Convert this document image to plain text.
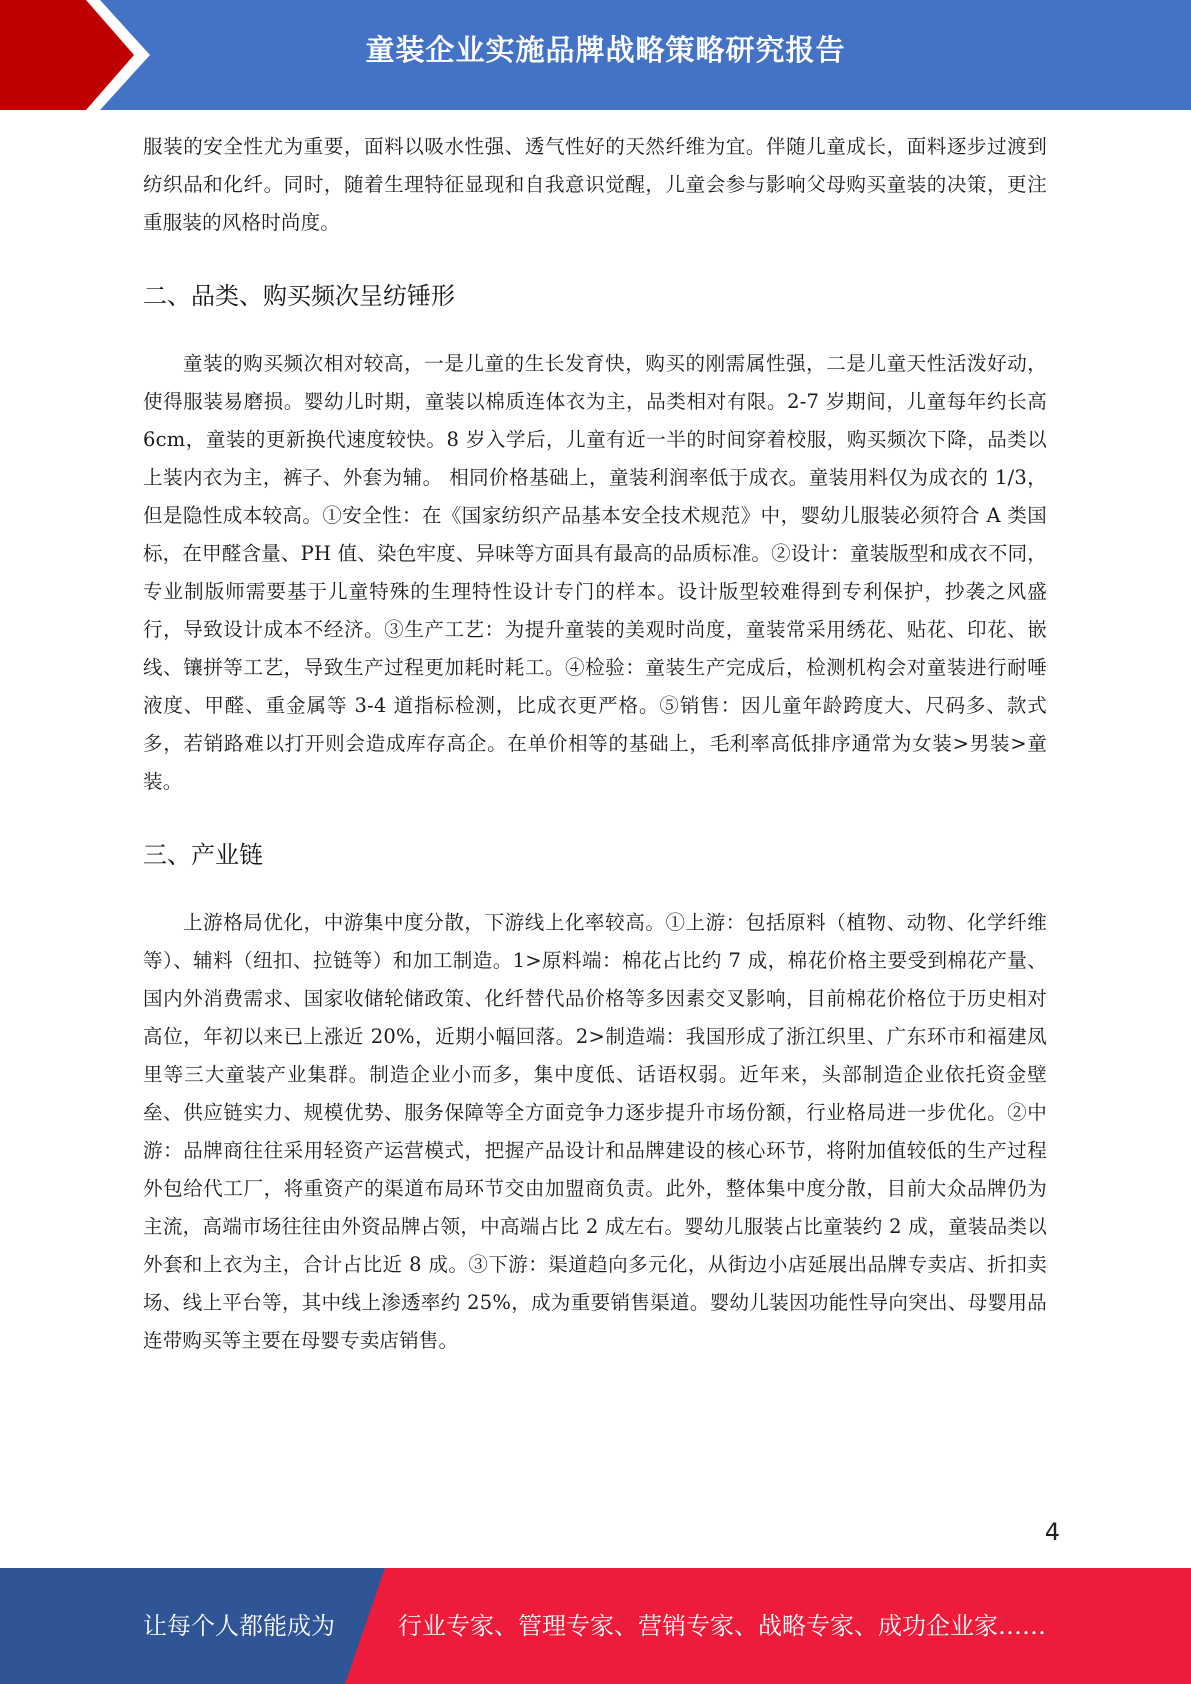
童装企业实施品牌战略策略研究报告

服装的安全性尤为重要，面料以吸水性强、透气性好的天然纤维为宜。伴随儿童成长，面料逐步过渡到纺织品和化纤。同时，随着生理特征显现和自我意识觉醒，儿童会参与影响父母购买童装的决策，更注重服装的风格时尚度。

二、品类、购买频次呈纺锤形

童装的购买频次相对较高，一是儿童的生长发育快，购买的刚需属性强，二是儿童天性活泼好动，使得服装易磨损。婴幼儿时期，童装以棉质连体衣为主，品类相对有限。2-7 岁期间，儿童每年约长高 6cm，童装的更新换代速度较快。8 岁入学后，儿童有近一半的时间穿着校服，购买频次下降，品类以上装内衣为主，裤子、外套为辅。 相同价格基础上，童装利润率低于成衣。童装用料仅为成衣的 1/3，但是隐性成本较高。①安全性：在《国家纺织产品基本安全技术规范》中，婴幼儿服装必须符合 A 类国标，在甲醛含量、PH 值、染色牢度、异味等方面具有最高的品质标准。②设计：童装版型和成衣不同，专业制版师需要基于儿童特殊的生理特性设计专门的样本。设计版型较难得到专利保护，抄袭之风盛行，导致设计成本不经济。③生产工艺：为提升童装的美观时尚度，童装常采用绣花、贴花、印花、嵌线、镶拼等工艺，导致生产过程更加耗时耗工。④检验：童装生产完成后，检测机构会对童装进行耐唾液度、甲醛、重金属等 3-4 道指标检测，比成衣更严格。⑤销售：因儿童年龄跨度大、尺码多、款式多，若销路难以打开则会造成库存高企。在单价相等的基础上，毛利率高低排序通常为女装>男装>童装。

三、产业链

上游格局优化，中游集中度分散，下游线上化率较高。①上游：包括原料（植物、动物、化学纤维等）、辅料（纽扣、拉链等）和加工制造。1>原料端：棉花占比约 7 成，棉花价格主要受到棉花产量、国内外消费需求、国家收储轮储政策、化纤替代品价格等多因素交叉影响，目前棉花价格位于历史相对高位，年初以来已上涨近 20%，近期小幅回落。2>制造端：我国形成了浙江织里、广东环市和福建凤里等三大童装产业集群。制造企业小而多，集中度低、话语权弱。近年来，头部制造企业依托资金壁垒、供应链实力、规模优势、服务保障等全方面竞争力逐步提升市场份额，行业格局进一步优化。②中游：品牌商往往采用轻资产运营模式，把握产品设计和品牌建设的核心环节，将附加值较低的生产过程外包给代工厂，将重资产的渠道布局环节交由加盟商负责。此外，整体集中度分散，目前大众品牌仍为主流，高端市场往往由外资品牌占领，中高端占比 2 成左右。婴幼儿服装占比童装约 2 成，童装品类以外套和上衣为主，合计占比近 8 成。③下游：渠道趋向多元化，从街边小店延展出品牌专卖店、折扣卖场、线上平台等，其中线上渗透率约 25%，成为重要销售渠道。婴幼儿装因功能性导向突出、母婴用品连带购买等主要在母婴专卖店销售。

4
让每个人都能成为	行业专家、管理专家、营销专家、战略专家、成功企业家……
